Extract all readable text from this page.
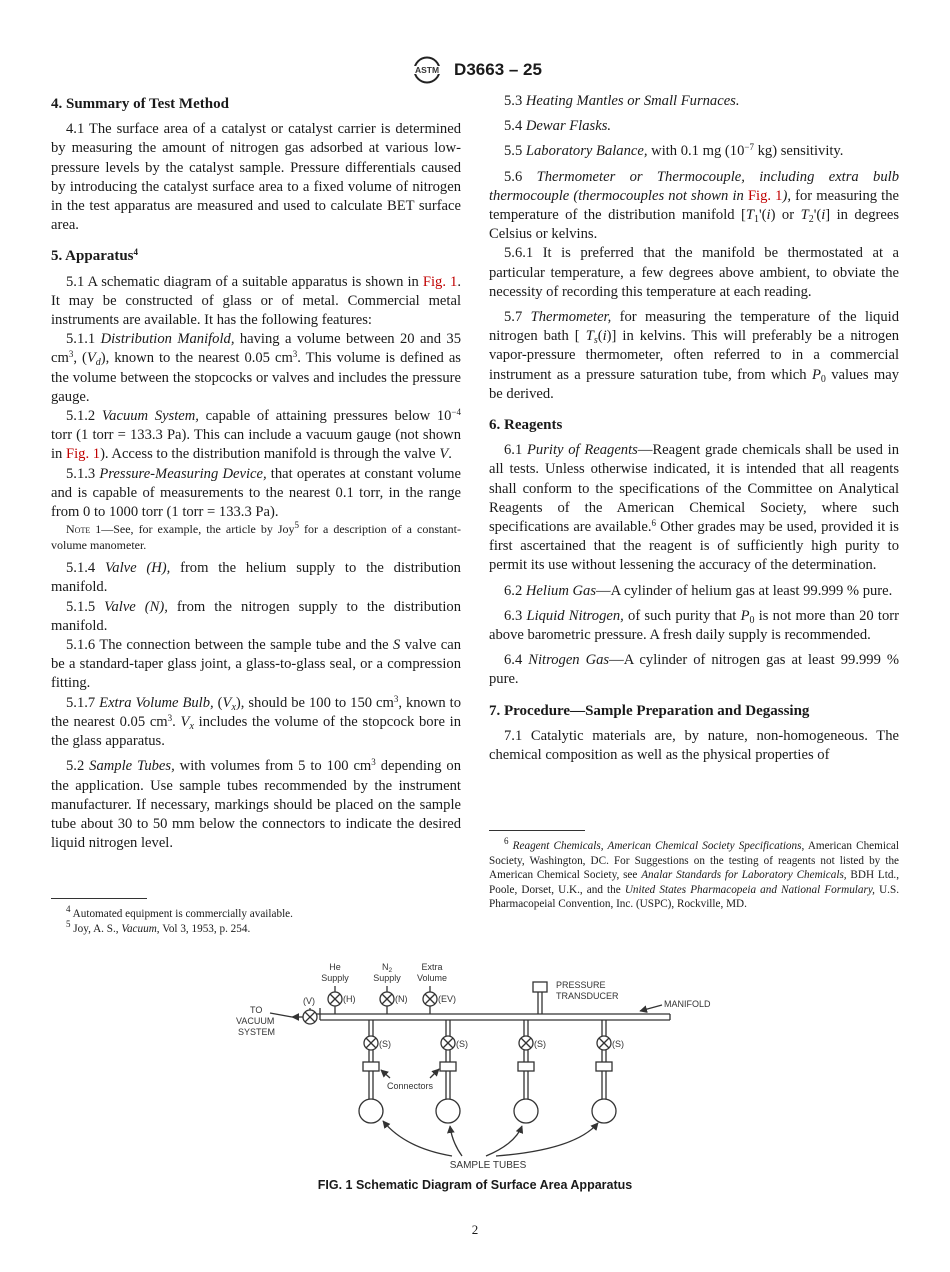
ASTM D3663 – 25
4. Summary of Test Method

4.1 The surface area of a catalyst or catalyst carrier is determined by measuring the amount of nitrogen gas adsorbed at various low-pressure levels by the catalyst sample. Pressure differentials caused by introducing the catalyst surface area to a fixed volume of nitrogen in the test apparatus are measured and used to calculate BET surface area.

5. Apparatus$^4$

5.1 A schematic diagram of a suitable apparatus is shown in Fig. 1. It may be constructed of glass or of metal. Commercial metal instruments are available. It has the following features:

5.1.1 Distribution Manifold, having a volume between 20 and 35 $cm^3$, $(V_d)$, known to the nearest 0.05 $cm^3$. This volume is defined as the volume between the stopcocks or valves and includes the pressure gauge.

5.1.2 Vacuum System, capable of attaining pressures below $10^{-4}$ torr (1 torr = 133.3 Pa). This can include a vacuum gauge (not shown in Fig. 1). Access to the distribution manifold is through the valve V.

5.1.3 Pressure-Measuring Device, that operates at constant volume and is capable of measurements to the nearest 0.1 torr, in the range from 0 to 1000 torr (1 torr = 133.3 Pa).

Note 1—See, for example, the article by Joy$^5$ for a description of a constant-volume manometer.

5.1.4 Valve (H), from the helium supply to the distribution manifold.

5.1.5 Valve (N), from the nitrogen supply to the distribution manifold.

5.1.6 The connection between the sample tube and the S valve can be a standard-taper glass joint, a glass-to-glass seal, or a compression fitting.

5.1.7 Extra Volume Bulb, $(V_x)$, should be 100 to 150 $cm^3$, known to the nearest 0.05 $cm^3$. $V_x$ includes the volume of the stopcock bore in the glass apparatus.

5.2 Sample Tubes, with volumes from 5 to 100 $cm^3$ depending on the application. Use sample tubes recommended by the instrument manufacturer. If necessary, markings should be placed on the sample tube about 30 to 50 mm below the connectors to indicate the desired liquid nitrogen level.

$^4$ Automated equipment is commercially available.

$^5$ Joy, A. S., Vacuum, Vol 3, 1953, p. 254.

5.3 Heating Mantles or Small Furnaces.

5.4 Dewar Flasks.

5.5 Laboratory Balance, with 0.1 mg ($10^{-7}$ kg) sensitivity.

5.6 Thermometer or Thermocouple, including extra bulb thermocouple (thermocouples not shown in Fig. 1), for measuring the temperature of the distribution manifold [$T_1'(i)$ or $T_2'(i]$ in degrees Celsius or kelvins.

5.6.1 It is preferred that the manifold be thermostated at a particular temperature, a few degrees above ambient, to obviate the necessity of recording this temperature at each reading.

5.7 Thermometer, for measuring the temperature of the liquid nitrogen bath [ $T_s(i)$] in kelvins. This will preferably be a nitrogen vapor-pressure thermometer, often referred to in a commercial instrument as a pressure saturation tube, from which $P_0$ values may be derived.

6. Reagents

6.1 Purity of Reagents—Reagent grade chemicals shall be used in all tests. Unless otherwise indicated, it is intended that all reagents shall conform to the specifications of the Committee on Analytical Reagents of the American Chemical Society, where such specifications are available.$^6$ Other grades may be used, provided it is first ascertained that the reagent is of sufficiently high purity to permit its use without lessening the accuracy of the determination.

6.2 Helium Gas—A cylinder of helium gas at least 99.999 % pure.

6.3 Liquid Nitrogen, of such purity that $P_0$ is not more than 20 torr above barometric pressure. A fresh daily supply is recommended.

6.4 Nitrogen Gas—A cylinder of nitrogen gas at least 99.999 % pure.

7. Procedure—Sample Preparation and Degassing

7.1 Catalytic materials are, by nature, non-homogeneous. The chemical composition as well as the physical properties of

$^6$ Reagent Chemicals, American Chemical Society Specifications, American Chemical Society, Washington, DC. For Suggestions on the testing of reagents not listed by the American Chemical Society, see Analar Standards for Laboratory Chemicals, BDH Ltd., Poole, Dorset, U.K., and the United States Pharmacopeia and National Formulary, U.S. Pharmacopeial Convention, Inc. (USPC), Rockville, MD.

He
Supply
$N_2$
Supply
Extra
Volume
(V)	(H)	(N)	(EV)
(S)	(S)	(S)	(S)
PRESSURE
TRANSDUCER
MANIFOLD
TO
VACUUM
SYSTEM
Connectors
SAMPLE TUBES
FIG. 1 Schematic Diagram of Surface Area Apparatus
2
